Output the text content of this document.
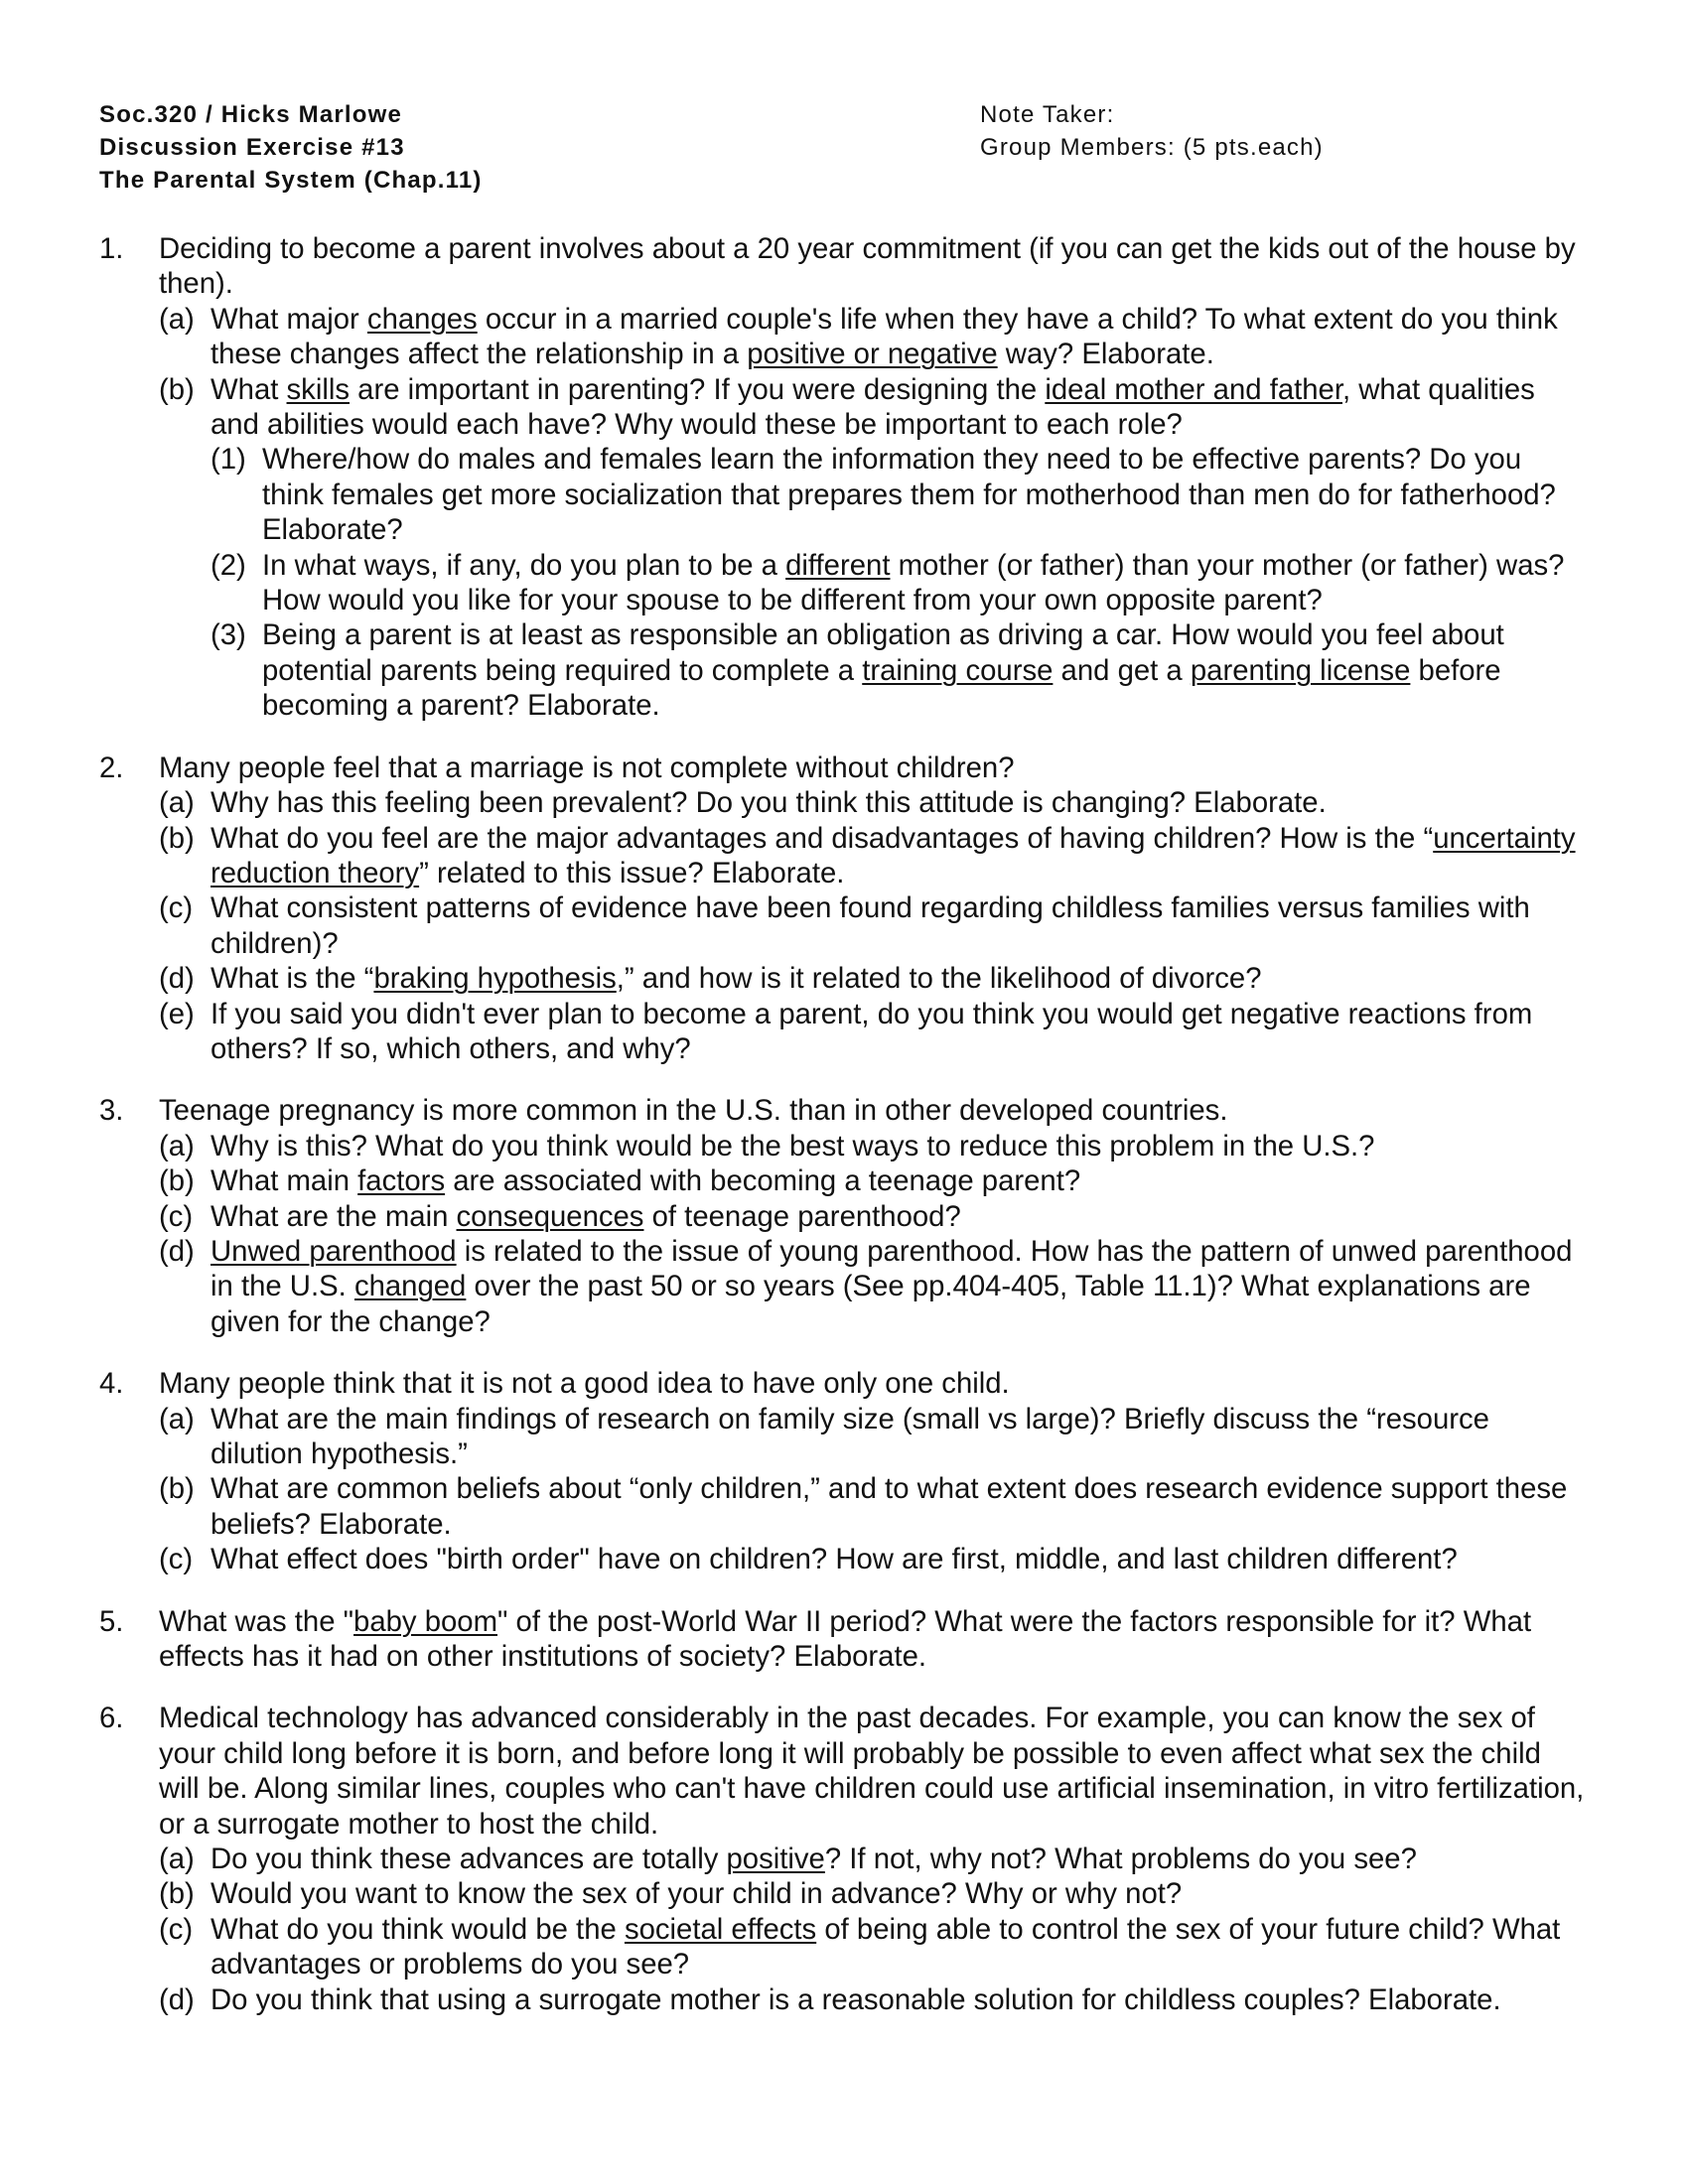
Soc.320 / Hicks Marlowe
Discussion Exercise #13
The Parental System (Chap.11)
Note Taker:
Group Members: (5 pts.each)
1. Deciding to become a parent involves about a 20 year commitment (if you can get the kids out of the house by then).
(a) What major changes occur in a married couple's life when they have a child? To what extent do you think these changes affect the relationship in a positive or negative way? Elaborate.
(b) What skills are important in parenting? If you were designing the ideal mother and father, what qualities and abilities would each have? Why would these be important to each role?
(1) Where/how do males and females learn the information they need to be effective parents? Do you think females get more socialization that prepares them for motherhood than men do for fatherhood? Elaborate?
(2) In what ways, if any, do you plan to be a different mother (or father) than your mother (or father) was? How would you like for your spouse to be different from your own opposite parent?
(3) Being a parent is at least as responsible an obligation as driving a car. How would you feel about potential parents being required to complete a training course and get a parenting license before becoming a parent? Elaborate.
2. Many people feel that a marriage is not complete without children?
(a) Why has this feeling been prevalent? Do you think this attitude is changing? Elaborate.
(b) What do you feel are the major advantages and disadvantages of having children? How is the “uncertainty reduction theory” related to this issue? Elaborate.
(c) What consistent patterns of evidence have been found regarding childless families versus families with children)?
(d) What is the “braking hypothesis,” and how is it related to the likelihood of divorce?
(e) If you said you didn't ever plan to become a parent, do you think you would get negative reactions from others? If so, which others, and why?
3. Teenage pregnancy is more common in the U.S. than in other developed countries.
(a) Why is this? What do you think would be the best ways to reduce this problem in the U.S.?
(b) What main factors are associated with becoming a teenage parent?
(c) What are the main consequences of teenage parenthood?
(d) Unwed parenthood is related to the issue of young parenthood. How has the pattern of unwed parenthood in the U.S. changed over the past 50 or so years (See pp.404-405, Table 11.1)? What explanations are given for the change?
4. Many people think that it is not a good idea to have only one child.
(a) What are the main findings of research on family size (small vs large)? Briefly discuss the “resource dilution hypothesis.”
(b) What are common beliefs about “only children,” and to what extent does research evidence support these beliefs? Elaborate.
(c) What effect does "birth order" have on children? How are first, middle, and last children different?
5. What was the "baby boom" of the post-World War II period? What were the factors responsible for it? What effects has it had on other institutions of society? Elaborate.
6. Medical technology has advanced considerably in the past decades. For example, you can know the sex of your child long before it is born, and before long it will probably be possible to even affect what sex the child will be. Along similar lines, couples who can't have children could use artificial insemination, in vitro fertilization, or a surrogate mother to host the child.
(a) Do you think these advances are totally positive? If not, why not? What problems do you see?
(b) Would you want to know the sex of your child in advance? Why or why not?
(c) What do you think would be the societal effects of being able to control the sex of your future child? What advantages or problems do you see?
(d) Do you think that using a surrogate mother is a reasonable solution for childless couples? Elaborate.
